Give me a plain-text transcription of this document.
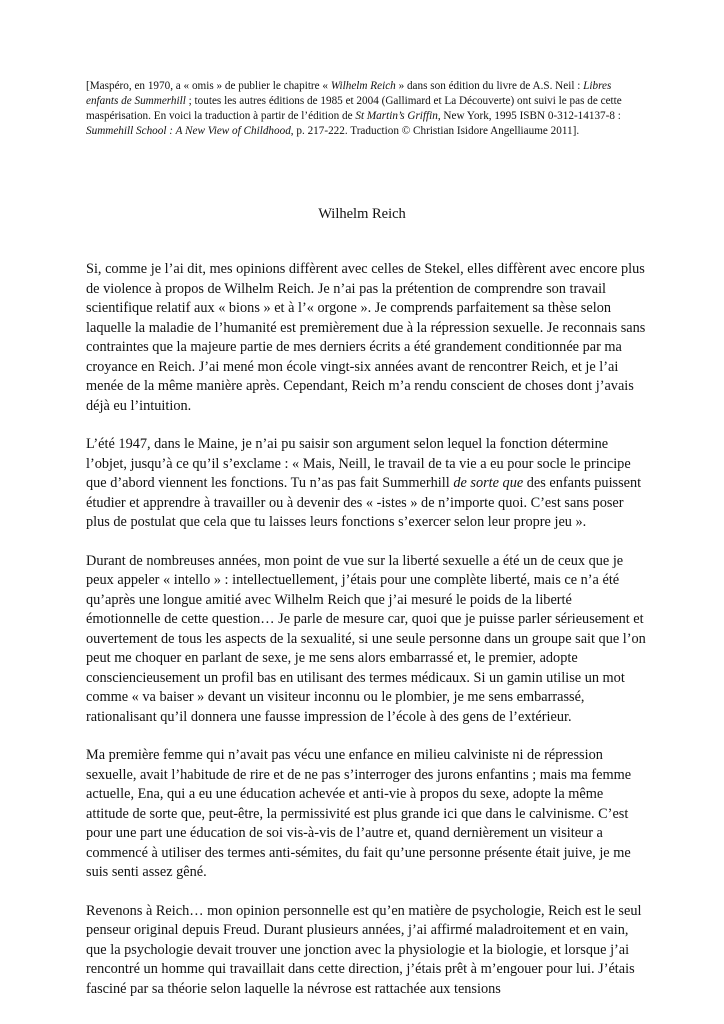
[Maspéro, en 1970, a « omis » de publier le chapitre « Wilhelm Reich » dans son édition du livre de A.S. Neil : Libres enfants de Summerhill ; toutes les autres éditions de 1985 et 2004 (Gallimard et La Découverte) ont suivi le pas de cette maspérisation. En voici la traduction à partir de l’édition de St Martin’s Griffin, New York, 1995 ISBN 0-312-14137-8 : Summehill School : A New View of Childhood, p. 217-222. Traduction © Christian Isidore Angelliaume 2011].
Wilhelm Reich

Si, comme je l’ai dit, mes opinions diffèrent avec celles de Stekel, elles diffèrent avec encore plus de violence à propos de Wilhelm Reich. Je n’ai pas la prétention de comprendre son travail scientifique relatif aux « bions » et à l’« orgone ». Je comprends parfaitement sa thèse selon laquelle la maladie de l’humanité est premièrement due à la répression sexuelle. Je reconnais sans contraintes que la majeure partie de mes derniers écrits a été grandement conditionnée par ma croyance en Reich. J’ai mené mon école vingt-six années avant de rencontrer Reich, et je l’ai menée de la même manière après. Cependant, Reich m’a rendu conscient de choses dont j’avais déjà eu l’intuition.

L’été 1947, dans le Maine, je n’ai pu saisir son argument selon lequel la fonction détermine l’objet, jusqu’à ce qu’il s’exclame : « Mais, Neill, le travail de ta vie a eu pour socle le principe que d’abord viennent les fonctions. Tu n’as pas fait Summerhill de sorte que des enfants puissent étudier et apprendre à travailler ou à devenir des « -istes » de n’importe quoi. C’est sans poser plus de postulat que cela que tu laisses leurs fonctions s’exercer selon leur propre jeu ».

Durant de nombreuses années, mon point de vue sur la liberté sexuelle a été un de ceux que je peux appeler « intello » : intellectuellement, j’étais pour une complète liberté, mais ce n’a été qu’après une longue amitié avec Wilhelm Reich que j’ai mesuré le poids de la liberté émotionnelle de cette question… Je parle de mesure car, quoi que je puisse parler sérieusement et ouvertement de tous les aspects de la sexualité, si une seule personne dans un groupe sait que l’on peut me choquer en parlant de sexe, je me sens alors embarrassé et, le premier, adopte consciencieusement un profil bas en utilisant des termes médicaux. Si un gamin utilise un mot comme « va baiser » devant un visiteur inconnu ou le plombier, je me sens embarrassé, rationalisant qu’il donnera une fausse impression de l’école à des gens de l’extérieur.

Ma première femme qui n’avait pas vécu une enfance en milieu calviniste ni de répression sexuelle, avait l’habitude de rire et de ne pas s’interroger des jurons enfantins ; mais ma femme actuelle, Ena, qui a eu une éducation achevée et anti-vie à propos du sexe, adopte la même attitude de sorte que, peut-être, la permissivité est plus grande ici que dans le calvinisme. C’est pour une part une éducation de soi vis-à-vis de l’autre et, quand dernièrement un visiteur a commencé à utiliser des termes anti-sémites, du fait qu’une personne présente était juive, je me suis senti assez gêné.

Revenons à Reich… mon opinion personnelle est qu’en matière de psychologie, Reich est le seul penseur original depuis Freud. Durant plusieurs années, j’ai affirmé maladroitement et en vain, que la psychologie devait trouver une jonction avec la physiologie et la biologie, et lorsque j’ai rencontré un homme qui travaillait dans cette direction, j’étais prêt à m’engouer pour lui. J’étais fasciné par sa théorie selon laquelle la névrose est rattachée aux tensions
